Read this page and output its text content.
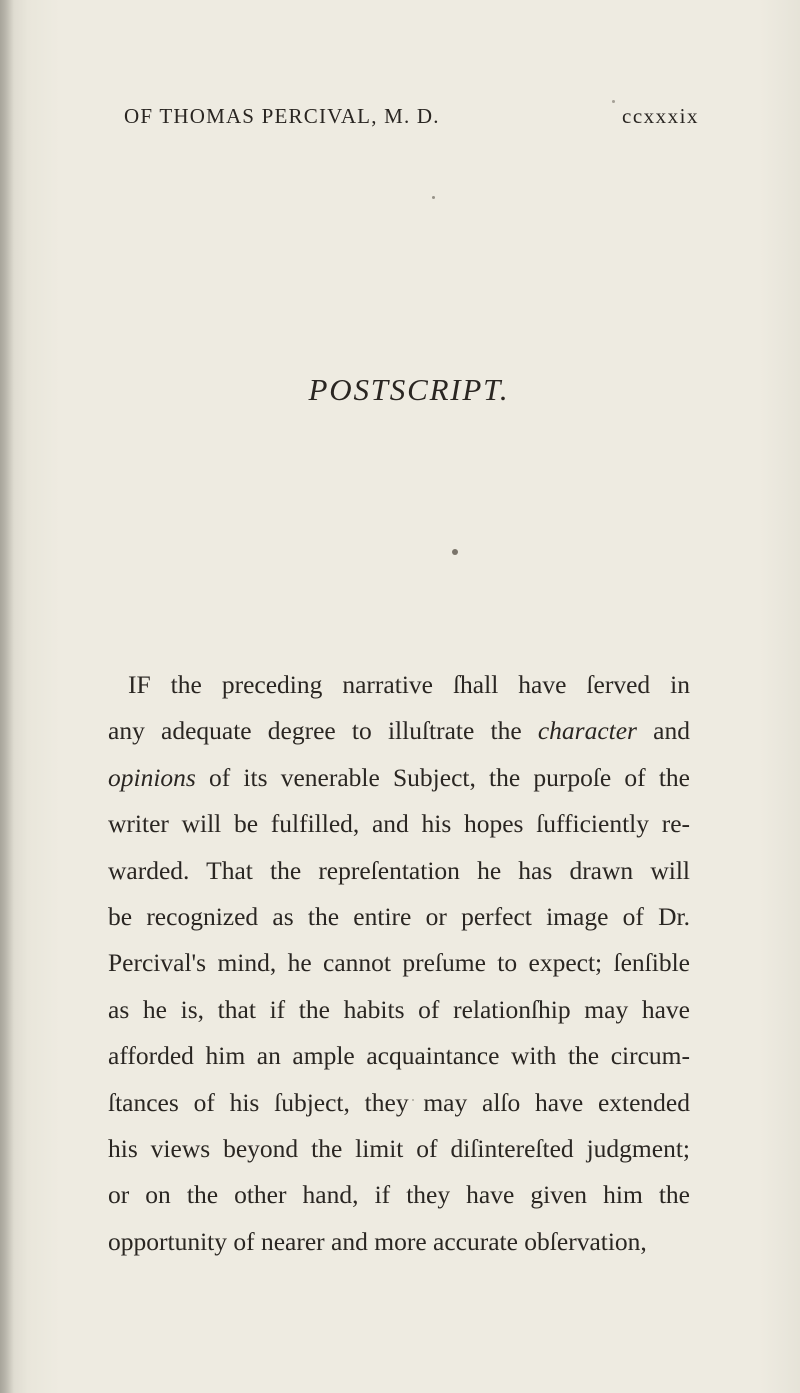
OF THOMAS PERCIVAL, M. D.	ccxxxix
POSTSCRIPT.
IF the preceding narrative ſhall have ſerved in
any adequate degree to illuſtrate the character and
opinions of its venerable Subject, the purpoſe of the
writer will be fulfilled, and his hopes ſufficiently re-
warded. That the repreſentation he has drawn will
be recognized as the entire or perfect image of Dr.
Percival's mind, he cannot preſume to expect; ſenſible
as he is, that if the habits of relationſhip may have
afforded him an ample acquaintance with the circum-
ſtances of his ſubject, they may alſo have extended
his views beyond the limit of diſintereſted judgment;
or on the other hand, if they have given him the
opportunity of nearer and more accurate obſervation,
